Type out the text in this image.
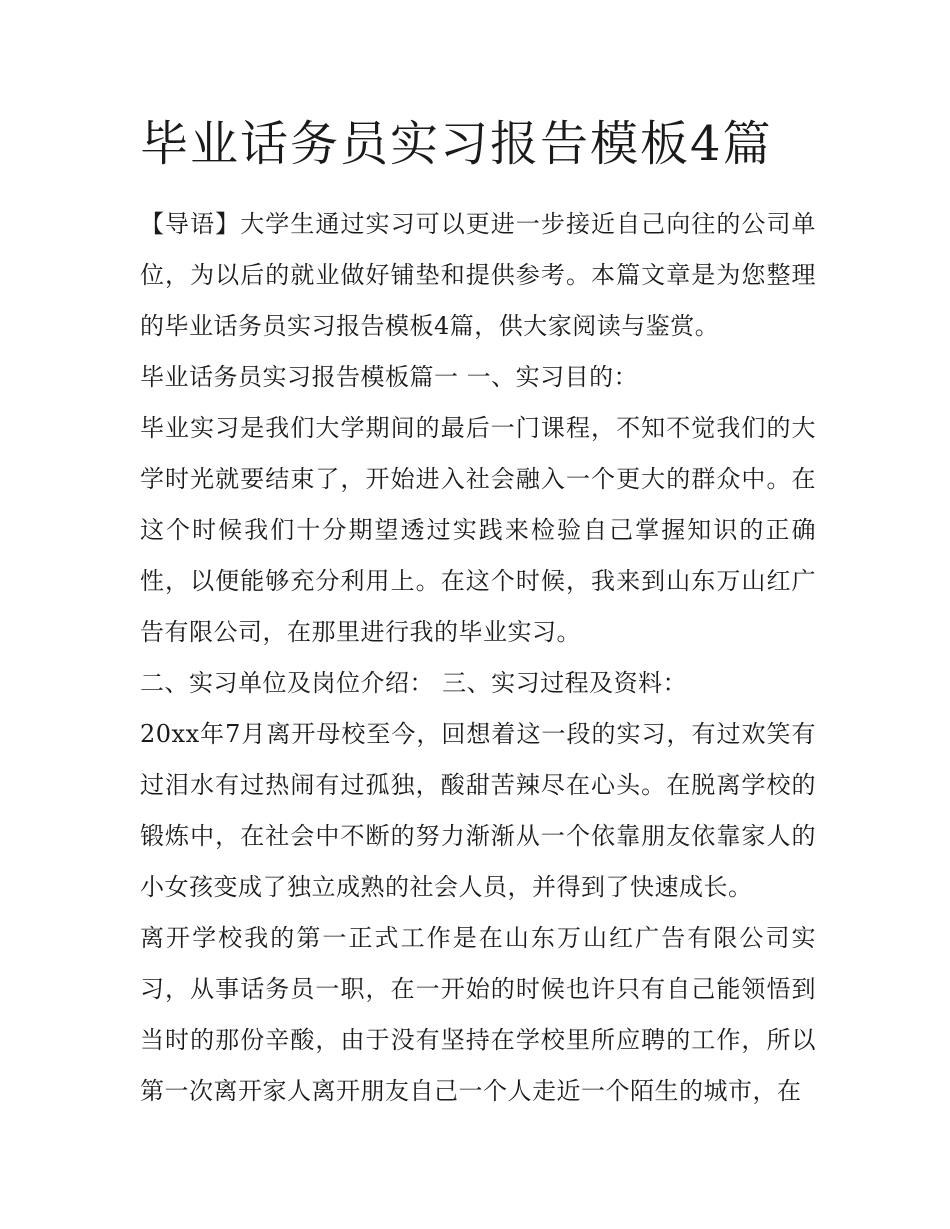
毕业话务员实习报告模板4篇

【导语】大学生通过实习可以更进一步接近自己向往的公司单位，为以后的就业做好铺垫和提供参考。本篇文章是为您整理的毕业话务员实习报告模板4篇，供大家阅读与鉴赏。

毕业话务员实习报告模板篇一 一、实习目的：

毕业实习是我们大学期间的最后一门课程，不知不觉我们的大学时光就要结束了，开始进入社会融入一个更大的群众中。在这个时候我们十分期望透过实践来检验自己掌握知识的正确性，以便能够充分利用上。在这个时候，我来到山东万山红广告有限公司，在那里进行我的毕业实习。

二、实习单位及岗位介绍： 三、实习过程及资料：

20xx年7月离开母校至今，回想着这一段的实习，有过欢笑有过泪水有过热闹有过孤独，酸甜苦辣尽在心头。在脱离学校的锻炼中，在社会中不断的努力渐渐从一个依靠朋友依靠家人的小女孩变成了独立成熟的社会人员，并得到了快速成长。

离开学校我的第一正式工作是在山东万山红广告有限公司实习，从事话务员一职，在一开始的时候也许只有自己能领悟到当时的那份辛酸，由于没有坚持在学校里所应聘的工作，所以第一次离开家人离开朋友自己一个人走近一个陌生的城市，在
